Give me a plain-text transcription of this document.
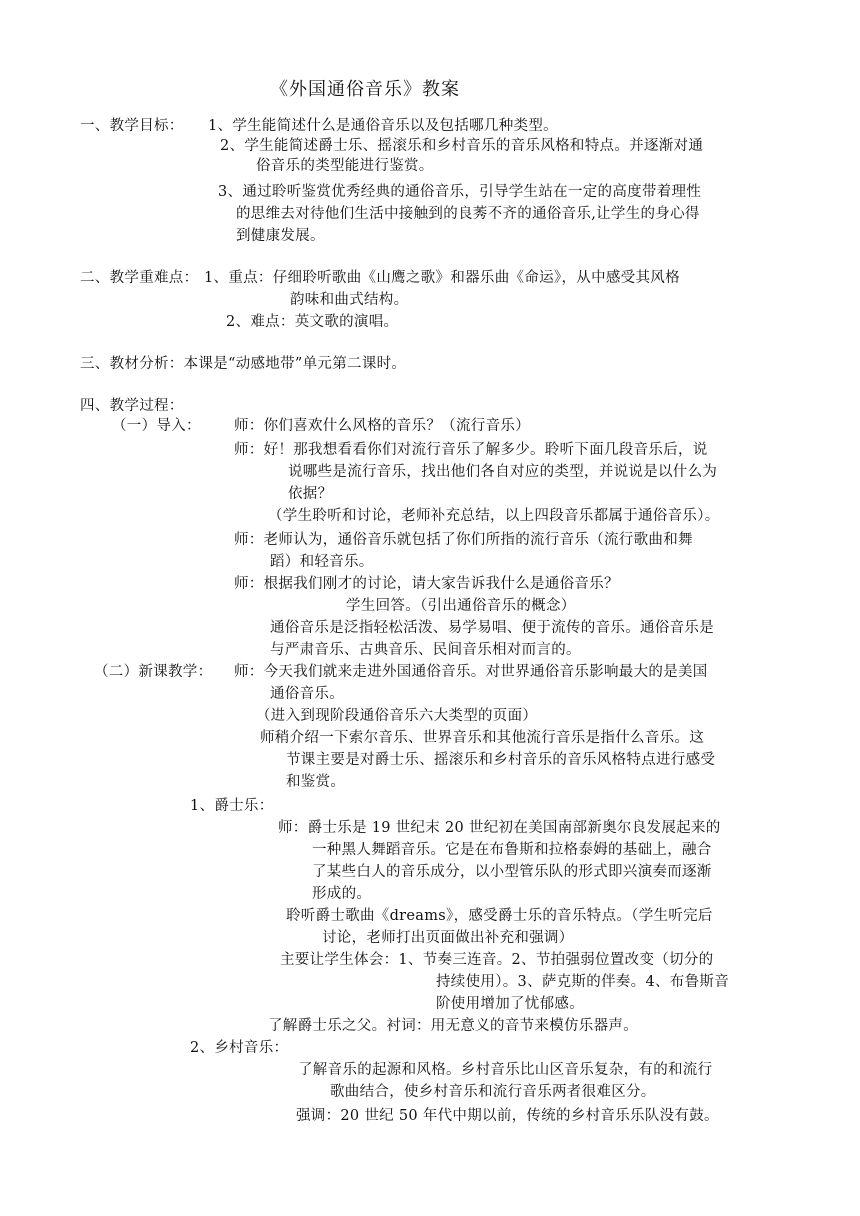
《外国通俗音乐》教案
一、教学目标： 1、学生能简述什么是通俗音乐以及包括哪几种类型。
2、学生能简述爵士乐、摇滚乐和乡村音乐的音乐风格和特点。并逐渐对通
俗音乐的类型能进行鉴赏。
3、通过聆听鉴赏优秀经典的通俗音乐，引导学生站在一定的高度带着理性
的思维去对待他们生活中接触到的良莠不齐的通俗音乐,让学生的身心得
到健康发展。
二、教学重难点： 1、重点：仔细聆听歌曲《山鹰之歌》和器乐曲《命运》，从中感受其风格
韵味和曲式结构。
2、难点：英文歌的演唱。
三、教材分析：本课是“动感地带”单元第二课时。
四、教学过程：
（一）导入： 师：你们喜欢什么风格的音乐？（流行音乐）
师：好！那我想看看你们对流行音乐了解多少。聆听下面几段音乐后，说
说哪些是流行音乐，找出他们各自对应的类型，并说说是以什么为
依据？
（学生聆听和讨论，老师补充总结，以上四段音乐都属于通俗音乐）。
师：老师认为，通俗音乐就包括了你们所指的流行音乐（流行歌曲和舞
蹈）和轻音乐。
师：根据我们刚才的讨论，请大家告诉我什么是通俗音乐？
学生回答。（引出通俗音乐的概念）
通俗音乐是泛指轻松活泼、易学易唱、便于流传的音乐。通俗音乐是
与严肃音乐、古典音乐、民间音乐相对而言的。
（二）新课教学： 师：今天我们就来走进外国通俗音乐。对世界通俗音乐影响最大的是美国
通俗音乐。
（进入到现阶段通俗音乐六大类型的页面）
师稍介绍一下索尔音乐、世界音乐和其他流行音乐是指什么音乐。这
节课主要是对爵士乐、摇滚乐和乡村音乐的音乐风格特点进行感受
和鉴赏。
1、爵士乐：
师：爵士乐是 19 世纪末 20 世纪初在美国南部新奥尔良发展起来的
一种黑人舞蹈音乐。它是在布鲁斯和拉格泰姆的基础上，融合
了某些白人的音乐成分，以小型管乐队的形式即兴演奏而逐渐
形成的。
聆听爵士歌曲《dreams》，感受爵士乐的音乐特点。（学生听完后
讨论，老师打出页面做出补充和强调）
主要让学生体会：1、节奏三连音。2、节拍强弱位置改变（切分的
持续使用）。3、萨克斯的伴奏。4、布鲁斯音
阶使用增加了忧郁感。
了解爵士乐之父。衬词：用无意义的音节来模仿乐器声。
2、乡村音乐：
了解音乐的起源和风格。乡村音乐比山区音乐复杂，有的和流行
歌曲结合，使乡村音乐和流行音乐两者很难区分。
强调：20 世纪 50 年代中期以前，传统的乡村音乐乐队没有鼓。
